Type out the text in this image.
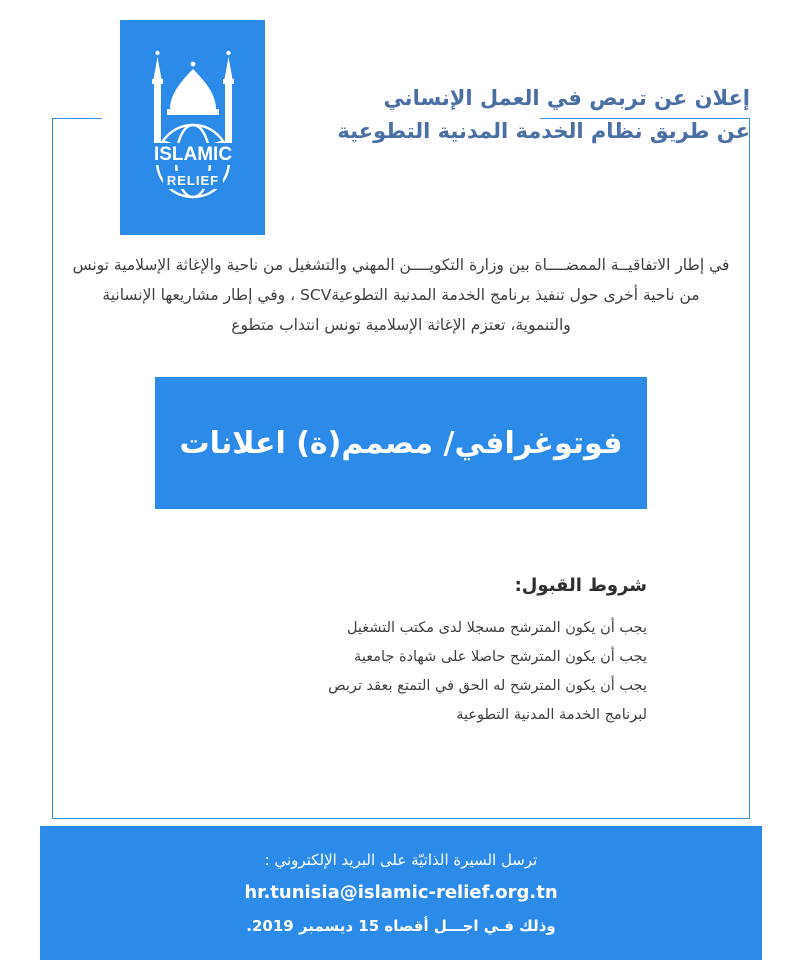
ISLAMIC
RELIEF
إعلان عن تربص في العمل الإنساني
عن طريق نظام الخدمة المدنية التطوعية
في إطار الاتفاقيــة الممضــــاة بين وزارة التكويــــن المهني والتشغيل من ناحية والإغاثة الإسلامية تونس من ناحية أخرى حول تنفيذ برنامج الخدمة المدنية التطوعيةSCV ، وفي إطار مشاريعها الإنسانية والتنموية، تعتزم الإغاثة الإسلامية تونس انتداب متطوع
فوتوغرافي/ مصمم(ة) اعلانات
شروط القبول:
يجب أن يكون المترشح مسجلا لدى مكتب التشغيل
يجب أن يكون المترشح حاصلا على شهادة جامعية
يجب أن يكون المترشح له الحق في التمتع بعقد تربص
لبرنامج الخدمة المدنية التطوعية
ترسل السيرة الذاتيّة على البريد الإلكتروني :
hr.tunisia@islamic-relief.org.tn
وذلك فـي اجـــل أقصاه 15 ديسمبر 2019.
